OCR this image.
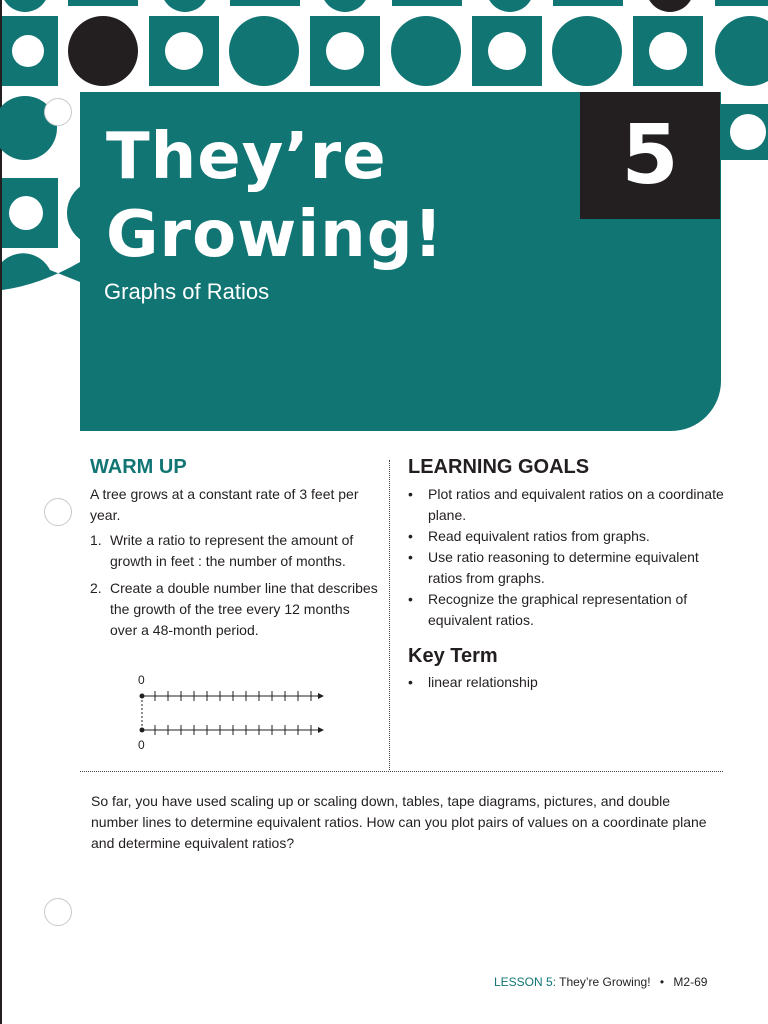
They’re
Growing!
Graphs of Ratios
5
WARM UP
A tree grows at a constant rate of 3 feet per year.
1. Write a ratio to represent the amount of growth in feet : the number of months.
2. Create a double number line that describes the growth of the tree every 12 months over a 48-month period.
0
0
LEARNING GOALS
•	Plot ratios and equivalent ratios on a coordinate plane.
•	Read equivalent ratios from graphs.
•	Use ratio reasoning to determine equivalent ratios from graphs.
•	Recognize the graphical representation of equivalent ratios.
Key Term
•	linear relationship

So far, you have used scaling up or scaling down, tables, tape diagrams, pictures, and double number lines to determine equivalent ratios. How can you plot pairs of values on a coordinate plane and determine equivalent ratios?

LESSON 5: They’re Growing! • M2-69
